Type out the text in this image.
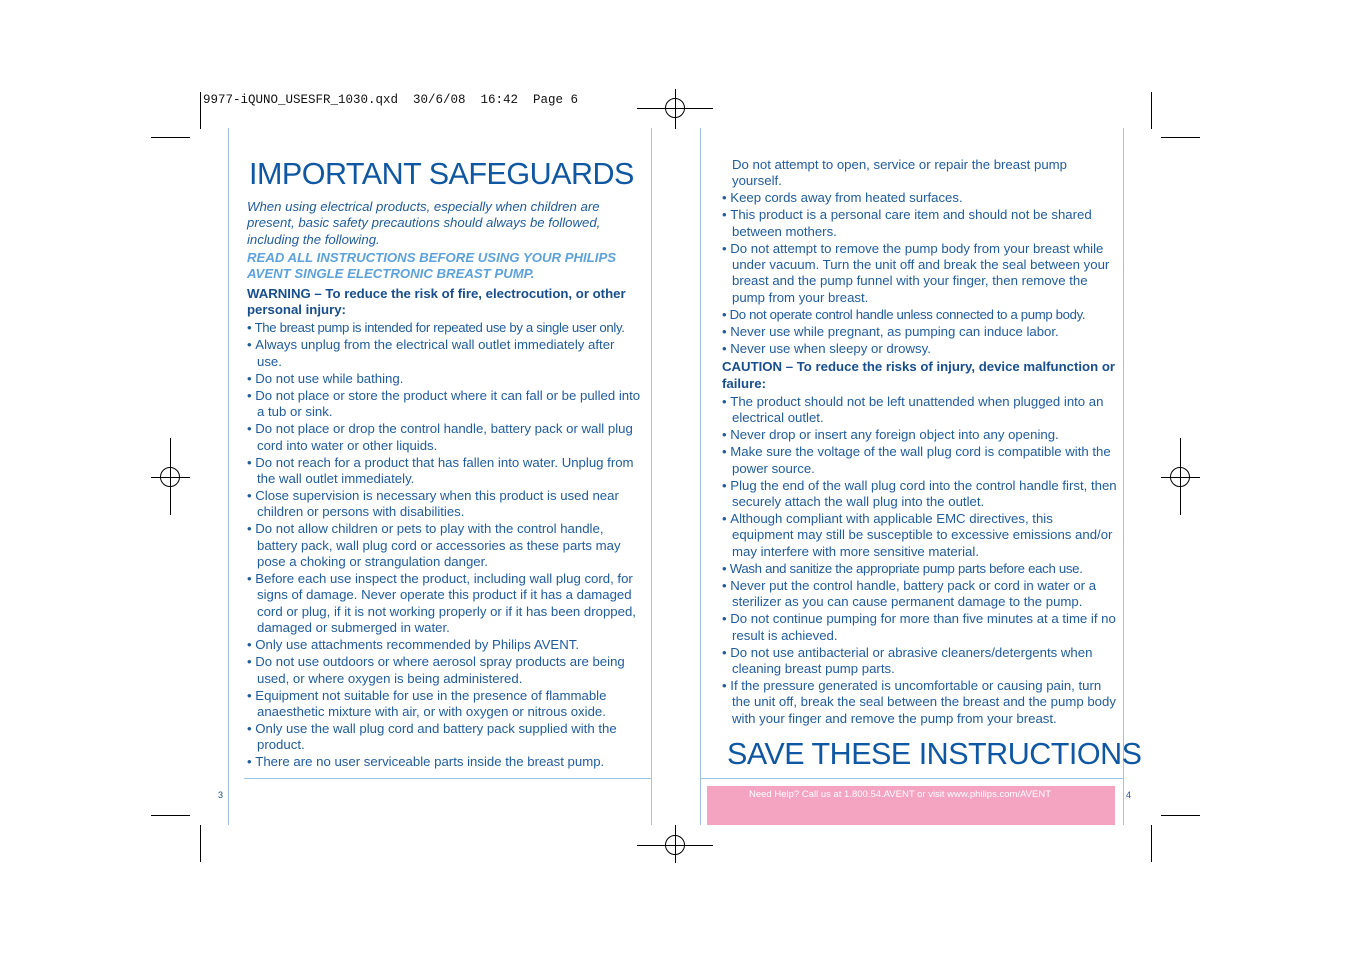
9977-iQUNO_USESFR_1030.qxd  30/6/08  16:42  Page 6
IMPORTANT SAFEGUARDS

When using electrical products, especially when children are present, basic safety precautions should always be followed, including the following.

READ ALL INSTRUCTIONS BEFORE USING YOUR PHILIPS AVENT SINGLE ELECTRONIC BREAST PUMP.

WARNING – To reduce the risk of fire, electrocution, or other personal injury:

• The breast pump is intended for repeated use by a single user only.
• Always unplug from the electrical wall outlet immediately after use.
• Do not use while bathing.
• Do not place or store the product where it can fall or be pulled into a tub or sink.
• Do not place or drop the control handle, battery pack or wall plug cord into water or other liquids.
• Do not reach for a product that has fallen into water. Unplug from the wall outlet immediately.
• Close supervision is necessary when this product is used near children or persons with disabilities.
• Do not allow children or pets to play with the control handle, battery pack, wall plug cord or accessories as these parts may pose a choking or strangulation danger.
• Before each use inspect the product, including wall plug cord, for signs of damage. Never operate this product if it has a damaged cord or plug, if it is not working properly or if it has been dropped, damaged or submerged in water.
• Only use attachments recommended by Philips AVENT.
• Do not use outdoors or where aerosol spray products are being used, or where oxygen is being administered.
• Equipment not suitable for use in the presence of flammable anaesthetic mixture with air, or with oxygen or nitrous oxide.
• Only use the wall plug cord and battery pack supplied with the product.
• There are no user serviceable parts inside the breast pump.
3

Do not attempt to open, service or repair the breast pump yourself.

• Keep cords away from heated surfaces.
• This product is a personal care item and should not be shared between mothers.
• Do not attempt to remove the pump body from your breast while under vacuum. Turn the unit off and break the seal between your breast and the pump funnel with your finger, then remove the pump from your breast.
• Do not operate control handle unless connected to a pump body.
• Never use while pregnant, as pumping can induce labor.
• Never use when sleepy or drowsy.

CAUTION – To reduce the risks of injury, device malfunction or failure:

• The product should not be left unattended when plugged into an electrical outlet.
• Never drop or insert any foreign object into any opening.
• Make sure the voltage of the wall plug cord is compatible with the power source.
• Plug the end of the wall plug cord into the control handle first, then securely attach the wall plug into the outlet.
• Although compliant with applicable EMC directives, this equipment may still be susceptible to excessive emissions and/or may interfere with more sensitive material.
• Wash and sanitize the appropriate pump parts before each use.
• Never put the control handle, battery pack or cord in water or a sterilizer as you can cause permanent damage to the pump.
• Do not continue pumping for more than five minutes at a time if no result is achieved.
• Do not use antibacterial or abrasive cleaners/detergents when cleaning breast pump parts.
• If the pressure generated is uncomfortable or causing pain, turn the unit off, break the seal between the breast and the pump body with your finger and remove the pump from your breast.
SAVE THESE INSTRUCTIONS
Need Help? Call us at 1.800.54.AVENT or visit www.philips.com/AVENT	4
